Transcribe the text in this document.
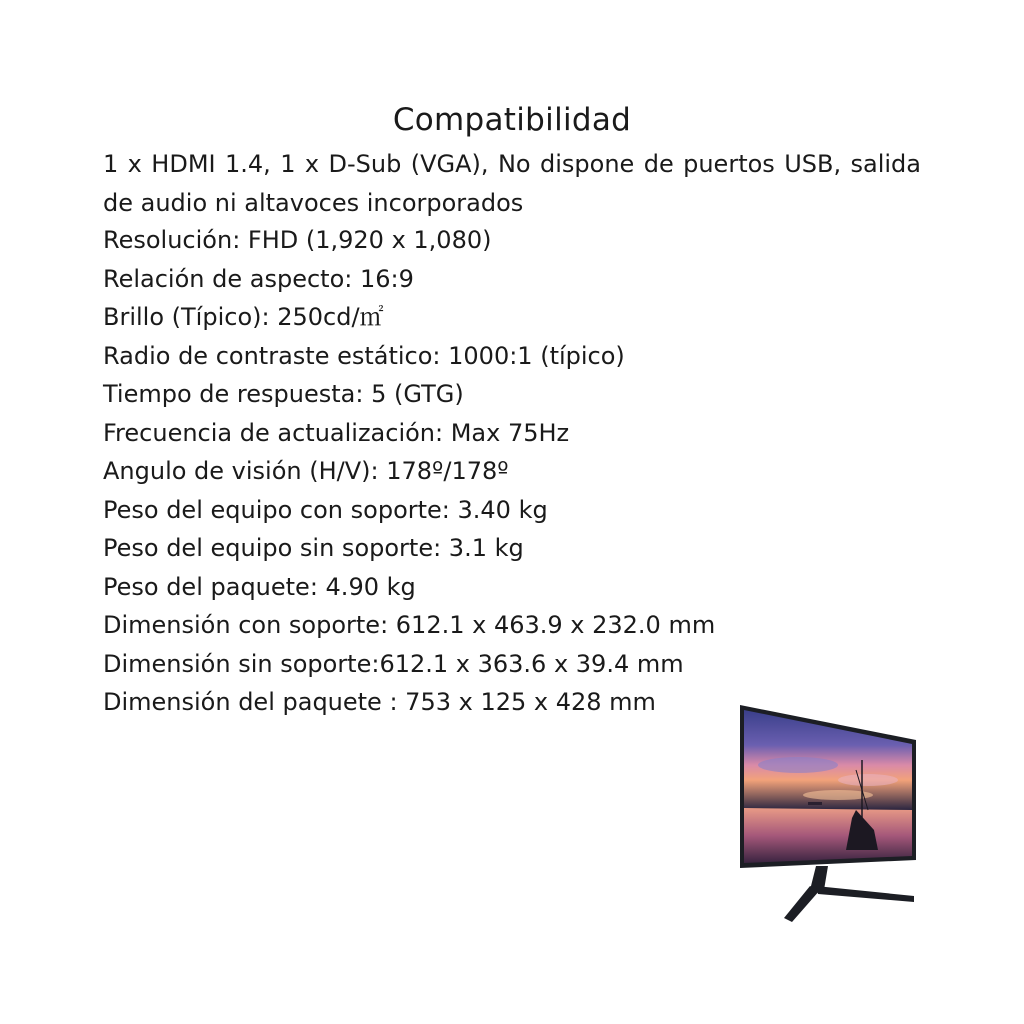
Compatibilidad
1 x HDMI 1.4, 1 x D-Sub (VGA), No dispone de puertos USB, salida de audio ni altavoces incorporados
Resolución: FHD (1,920 x 1,080)
Relación de aspecto: 16:9
Brillo (Típico): 250cd/㎡
Radio de contraste estático: 1000:1 (típico)
Tiempo de respuesta: 5 (GTG)
Frecuencia de actualización: Max 75Hz
Angulo de visión (H/V): 178º/178º
Peso del equipo con soporte: 3.40 kg
Peso del equipo sin soporte: 3.1 kg
Peso del paquete: 4.90 kg
Dimensión con soporte: 612.1 x 463.9 x 232.0 mm
Dimensión sin soporte:612.1 x 363.6 x 39.4 mm
Dimensión del paquete : 753 x 125 x 428 mm
